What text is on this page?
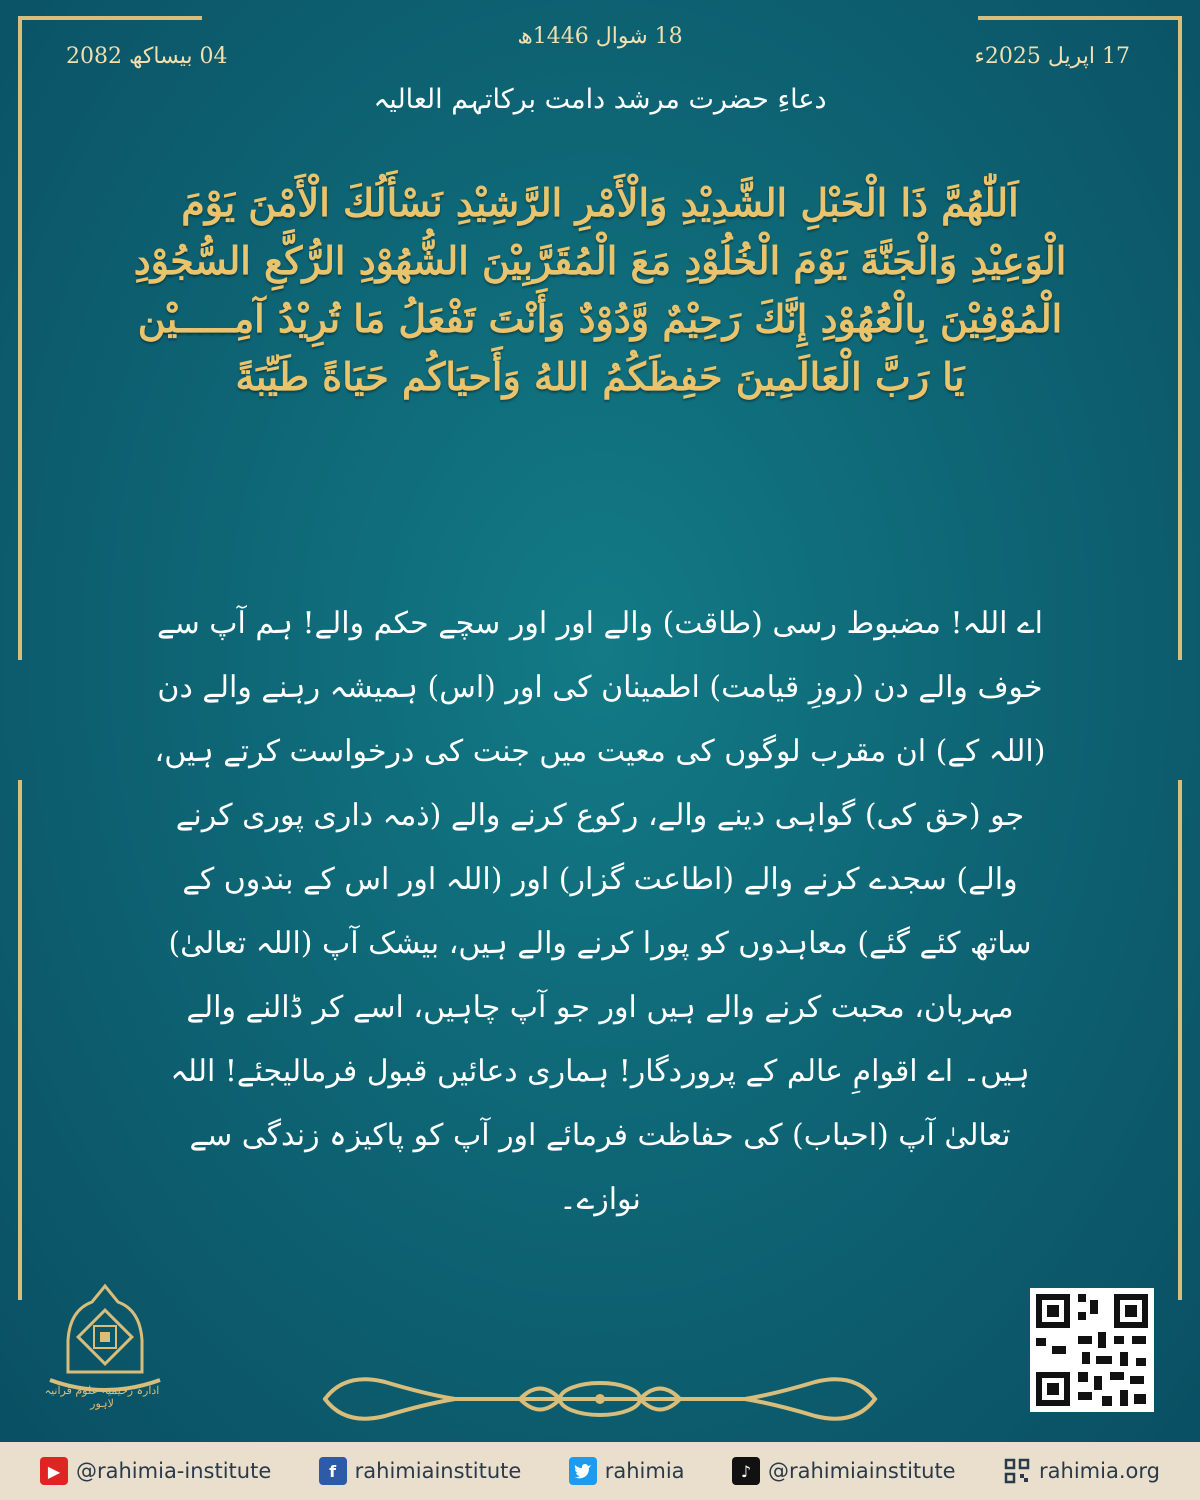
17 اپریل 2025ء
18 شوال 1446ھ
04 بیساکھ 2082
دعاءِ حضرت مرشد دامت برکاتہم العالیہ

اَللّٰهُمَّ ذَا الْحَبْلِ الشَّدِيْدِ وَالْأَمْرِ الرَّشِيْدِ نَسْأَلُكَ الْأَمْنَ يَوْمَ

الْوَعِيْدِ وَالْجَنَّةَ يَوْمَ الْخُلُوْدِ مَعَ الْمُقَرَّبِيْنَ الشُّهُوْدِ الرُّكَّعِ السُّجُوْدِ

الْمُوْفِيْنَ بِالْعُهُوْدِ إِنَّكَ رَحِيْمٌ وَّدُوْدٌ وَأَنْتَ تَفْعَلُ مَا تُرِيْدُ آمِـــــيْن

يَا رَبَّ الْعَالَمِينَ حَفِظَكُمُ اللهُ وَأَحيَاكُم حَيَاةً طَيِّبَةً

اے اللہ! مضبوط رسی (طاقت) والے اور اور سچے حکم والے! ہم آپ سے خوف والے دن (روزِ قیامت) اطمینان کی اور (اس) ہمیشہ رہنے والے دن (اللہ کے) ان مقرب لوگوں کی معیت میں جنت کی درخواست کرتے ہیں، جو (حق کی) گواہی دینے والے، رکوع کرنے والے (ذمہ داری پوری کرنے والے) سجدے کرنے والے (اطاعت گزار) اور (اللہ اور اس کے بندوں کے ساتھ کئے گئے) معاہدوں کو پورا کرنے والے ہیں، بیشک آپ (اللہ تعالیٰ) مہربان، محبت کرنے والے ہیں اور جو آپ چاہیں، اسے کر ڈالنے والے ہیں۔ اے اقوامِ عالم کے پروردگار! ہماری دعائیں قبول فرمالیجئے! اللہ تعالیٰ آپ (احباب) کی حفاظت فرمائے اور آپ کو پاکیزہ زندگی سے نوازے۔
ادارہ رحیمیہ علوم قرآنیہ لاہور
▶ @rahimia-institute	f rahimiainstitute	rahimia	♪ @rahimiainstitute	rahimia.org
